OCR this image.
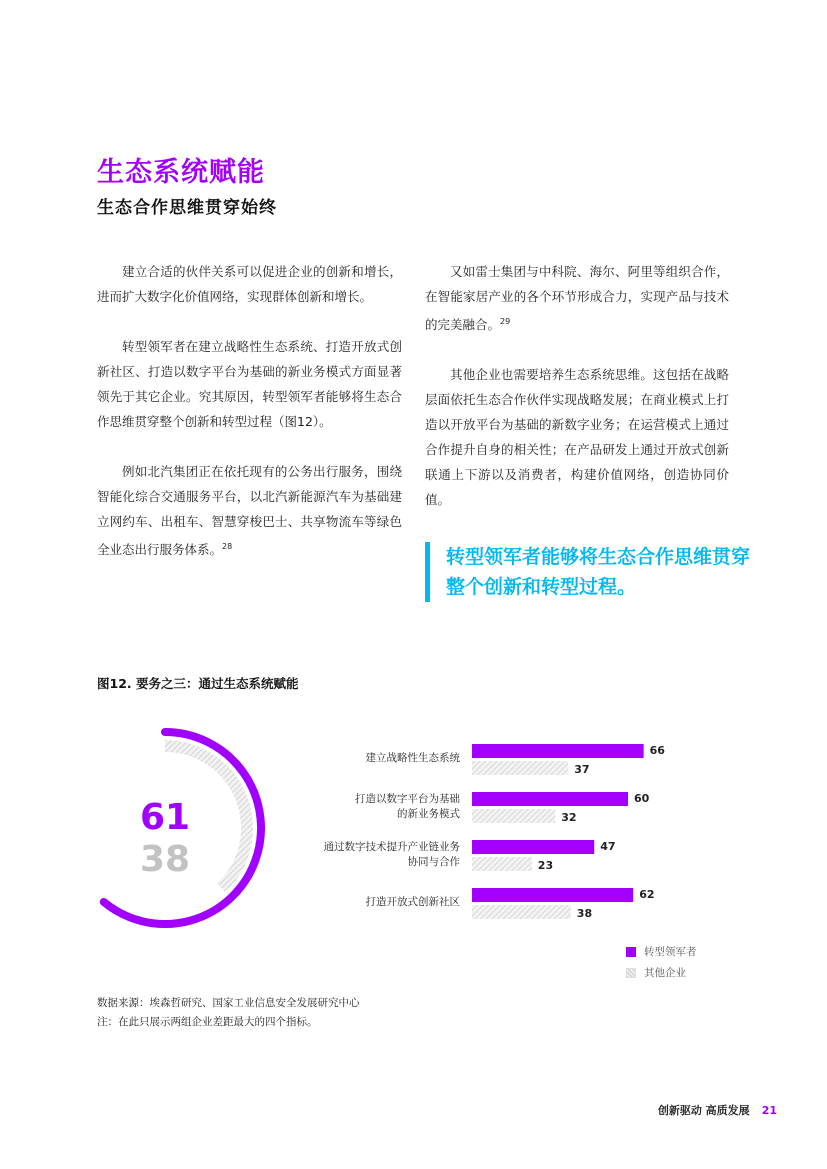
生态系统赋能
生态合作思维贯穿始终
建立合适的伙伴关系可以促进企业的创新和增长，进而扩大数字化价值网络，实现群体创新和增长。
转型领军者在建立战略性生态系统、打造开放式创新社区、打造以数字平台为基础的新业务模式方面显著领先于其它企业。究其原因，转型领军者能够将生态合作思维贯穿整个创新和转型过程（图12）。
例如北汽集团正在依托现有的公务出行服务，围绕智能化综合交通服务平台，以北汽新能源汽车为基础建立网约车、出租车、智慧穿梭巴士、共享物流车等绿色全业态出行服务体系。$^{28}$
又如雷士集团与中科院、海尔、阿里等组织合作，在智能家居产业的各个环节形成合力，实现产品与技术的完美融合。$^{29}$
其他企业也需要培养生态系统思维。这包括在战略层面依托生态合作伙伴实现战略发展；在商业模式上打造以开放平台为基础的新数字业务；在运营模式上通过合作提升自身的相关性；在产品研发上通过开放式创新联通上下游以及消费者，构建价值网络，创造协同价值。
转型领军者能够将生态合作思维贯穿整个创新和转型过程。
图12. 要务之三：通过生态系统赋能
61
38
建立战略性生态系统
66
37
打造以数字平台为基础
的新业务模式
60
32
通过数字技术提升产业链业务
协同与合作
47
23
打造开放式创新社区
62
38
转型领军者
其他企业
数据来源：埃森哲研究、国家工业信息安全发展研究中心
注：在此只展示两组企业差距最大的四个指标。
创新驱动 高质发展 21
